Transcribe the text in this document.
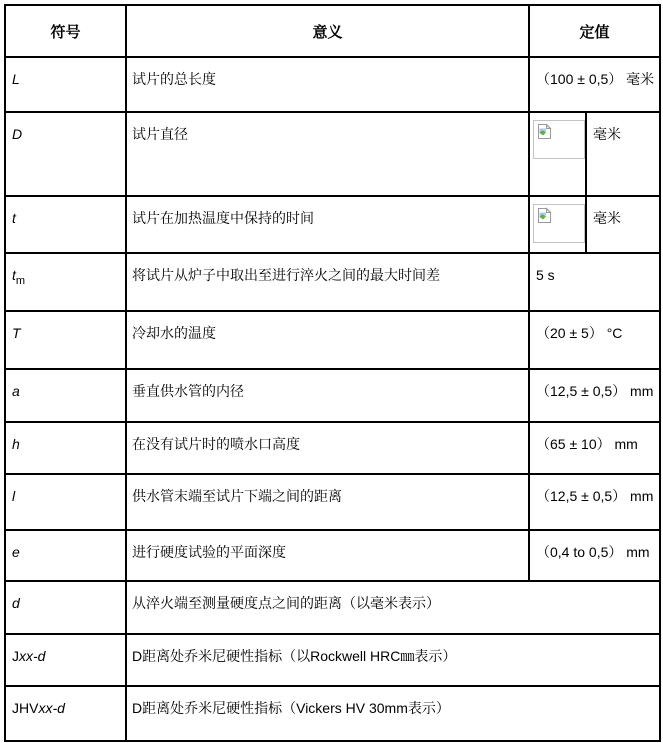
符号	意义	定值	
L	试片的总长度	（100 ± 0,5） 毫米	
D	试片直径		毫米
t	试片在加热温度中保持的时间		毫米
$t_m$	将试片从炉子中取出至进行淬火之间的最大时间差	5 s	
T	冷却水的温度	（20 ± 5） °C	
a	垂直供水管的内径	（12,5 ± 0,5） mm	
h	在没有试片时的喷水口高度	（65 ± 10） mm	
l	供水管末端至试片下端之间的距离	（12,5 ± 0,5） mm	
e	进行硬度试验的平面深度	（0,4 to 0,5） mm	
d	从淬火端至测量硬度点之间的距离（以毫米表示）		
Jxx-d	D距离处乔米尼硬性指标（以Rockwell HRC㎜表示）		
JHVxx-d	D距离处乔米尼硬性指标（Vickers HV 30mm表示）		
